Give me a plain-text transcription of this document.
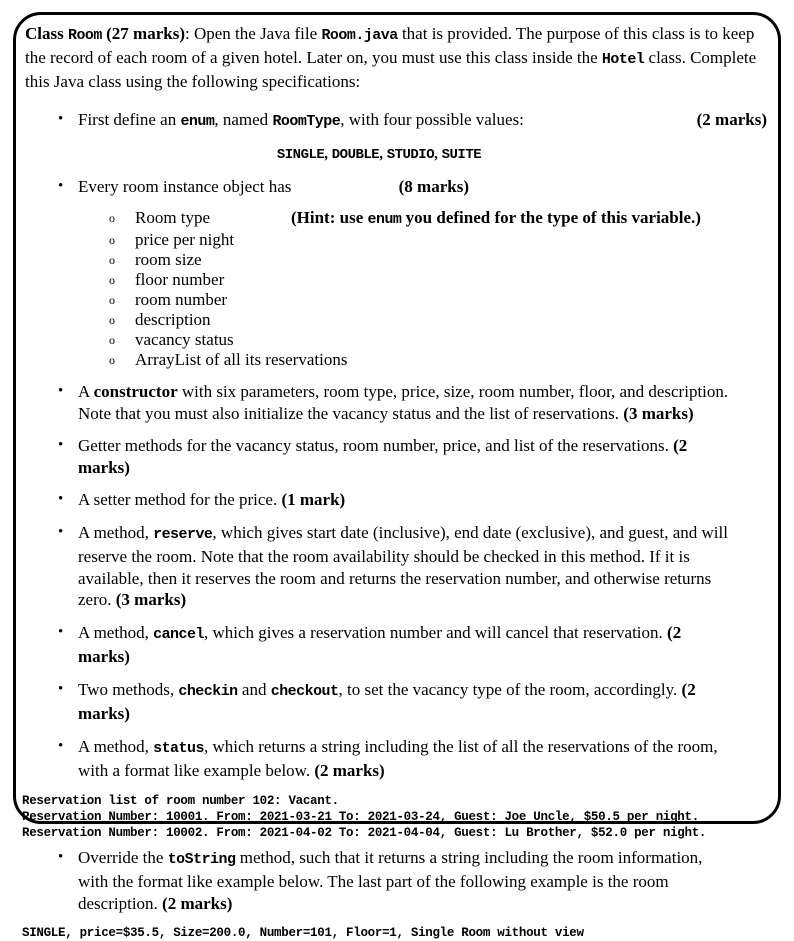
Class Room (27 marks): Open the Java file Room.java that is provided. The purpose of this class is to keep the record of each room of a given hotel. Later on, you must use this class inside the Hotel class. Complete this Java class using the following specifications:
•	(2 marks)
First define an enum, named RoomType, with four possible values:
SINGLE, DOUBLE, STUDIO, SUITE
• Every room instance object has	(8 marks)
o	Room type	(Hint: use enum you defined for the type of this variable.)
o	price per night
o	room size
o	floor number
o	room number
o	description
o	vacancy status
o	ArrayList of all its reservations
• A constructor with six parameters, room type, price, size, room number, floor, and description. Note that you must also initialize the vacancy status and the list of reservations. (3 marks)
• Getter methods for the vacancy status, room number, price, and list of the reservations. (2 marks)
• A setter method for the price. (1 mark)
• A method, reserve, which gives start date (inclusive), end date (exclusive), and guest, and will reserve the room. Note that the room availability should be checked in this method. If it is available, then it reserves the room and returns the reservation number, and otherwise returns zero. (3 marks)
• A method, cancel, which gives a reservation number and will cancel that reservation. (2 marks)
• Two methods, checkin and checkout, to set the vacancy type of the room, accordingly. (2 marks)
• A method, status, which returns a string including the list of all the reservations of the room, with a format like example below. (2 marks)
Reservation list of room number 102: Vacant.
Reservation Number: 10001. From: 2021-03-21 To: 2021-03-24, Guest: Joe Uncle, $50.5 per night.
Reservation Number: 10002. From: 2021-04-02 To: 2021-04-04, Guest: Lu Brother, $52.0 per night.
• Override the toString method, such that it returns a string including the room information, with the format like example below. The last part of the following example is the room description. (2 marks)
SINGLE, price=$35.5, Size=200.0, Number=101, Floor=1, Single Room without view
